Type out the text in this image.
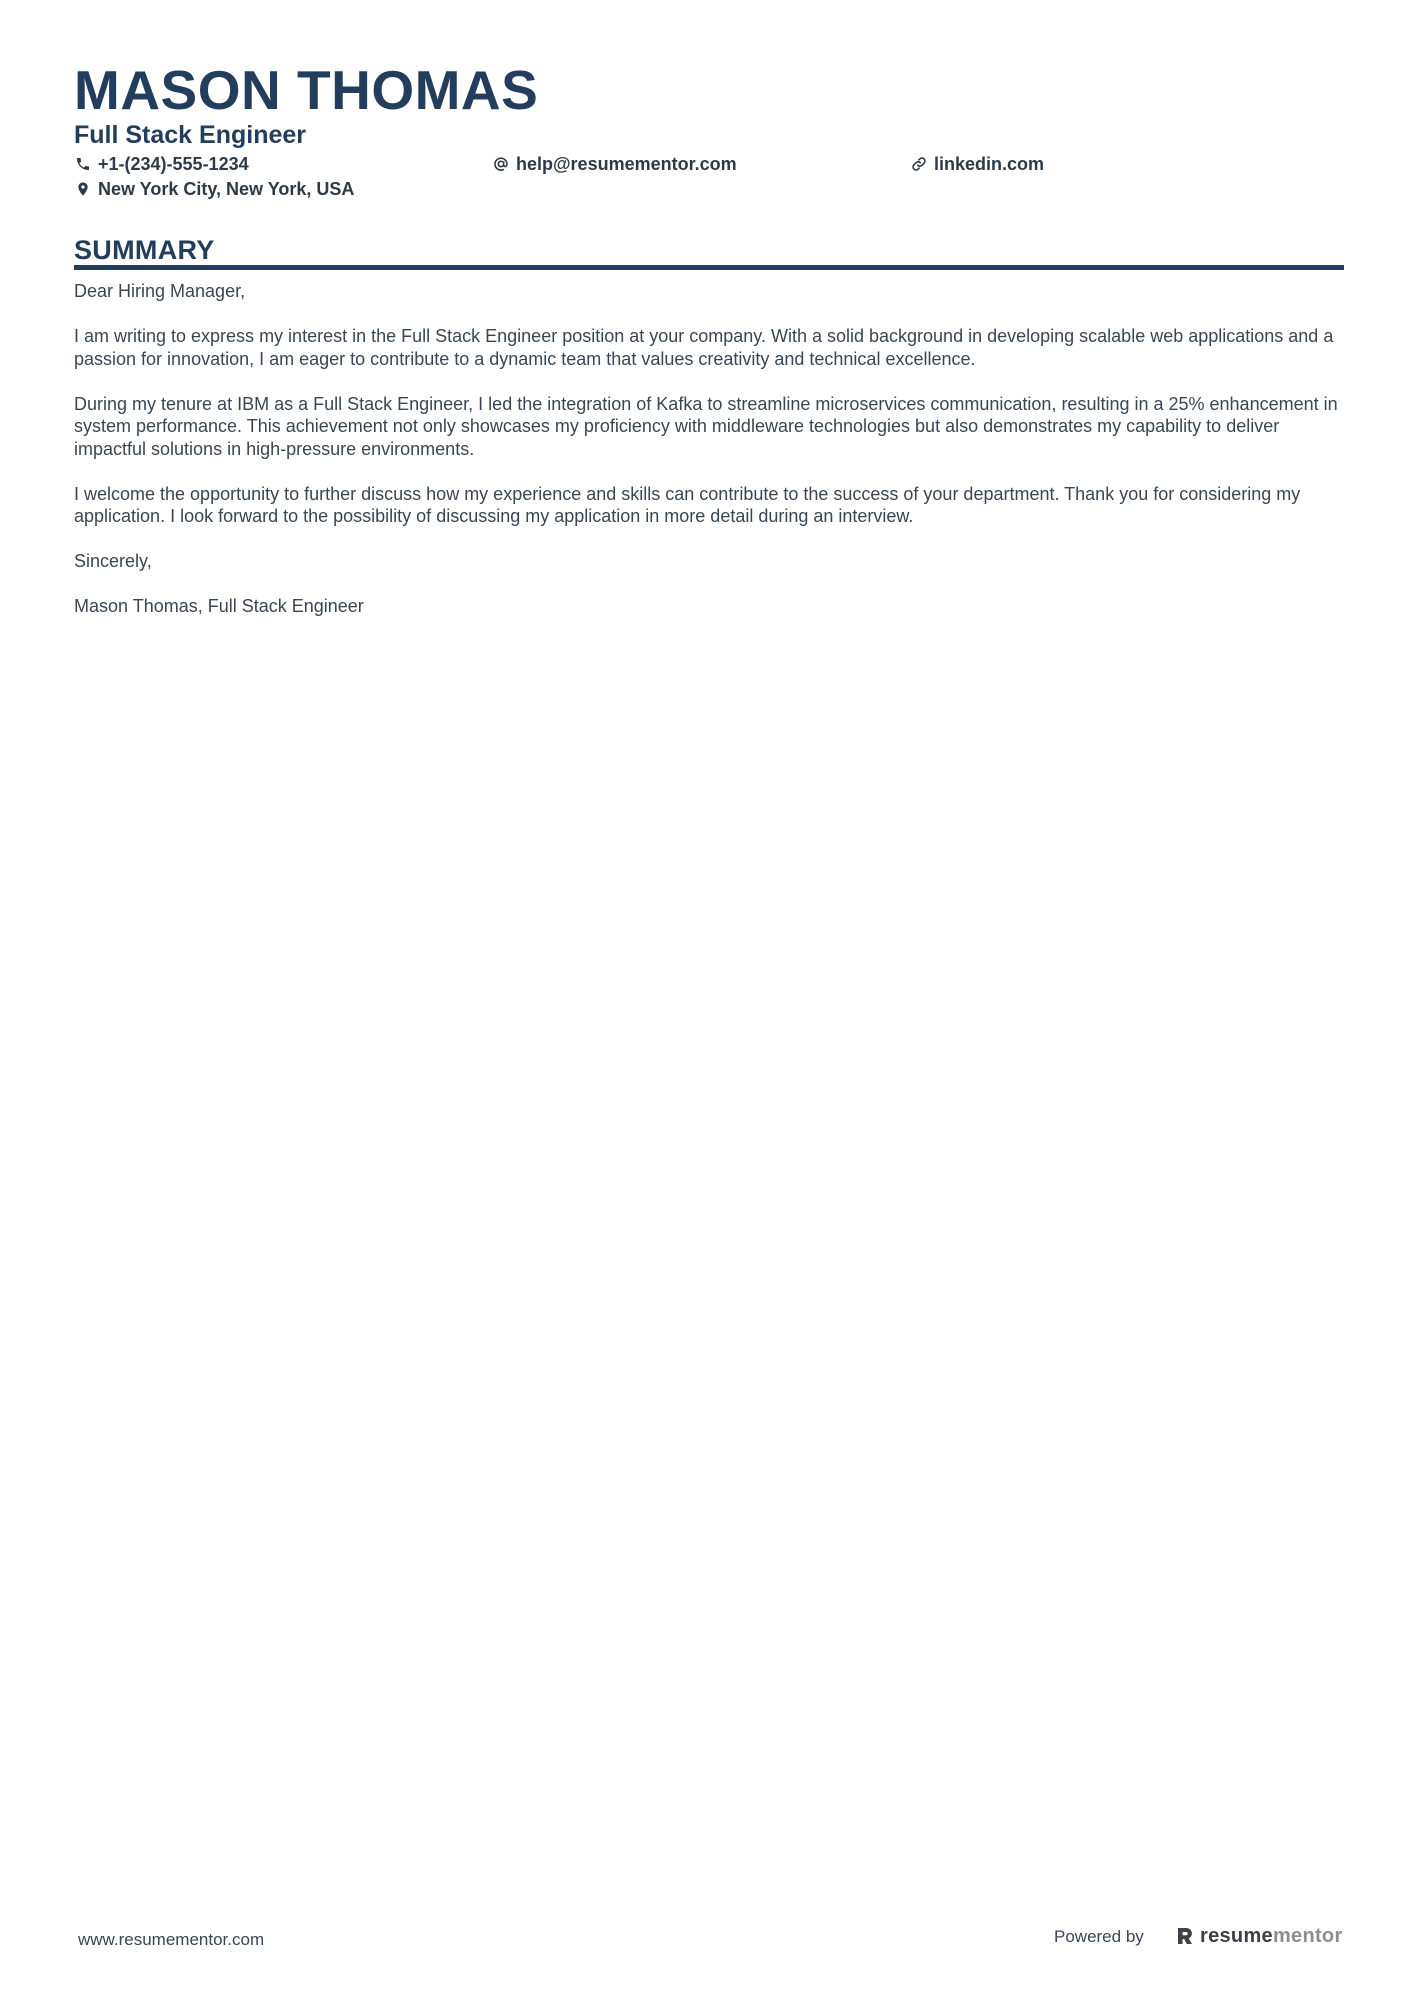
MASON THOMAS
Full Stack Engineer
+1-(234)-555-1234	help@resumementor.com	linkedin.com
New York City, New York, USA
SUMMARY

Dear Hiring Manager,

I am writing to express my interest in the Full Stack Engineer position at your company. With a solid background in developing scalable web applications and a passion for innovation, I am eager to contribute to a dynamic team that values creativity and technical excellence.

During my tenure at IBM as a Full Stack Engineer, I led the integration of Kafka to streamline microservices communication, resulting in a 25% enhancement in system performance. This achievement not only showcases my proficiency with middleware technologies but also demonstrates my capability to deliver impactful solutions in high-pressure environments.

I welcome the opportunity to further discuss how my experience and skills can contribute to the success of your department. Thank you for considering my application. I look forward to the possibility of discussing my application in more detail during an interview.

Sincerely,

Mason Thomas, Full Stack Engineer

www.resumementor.com	Powered by	resume mentor
